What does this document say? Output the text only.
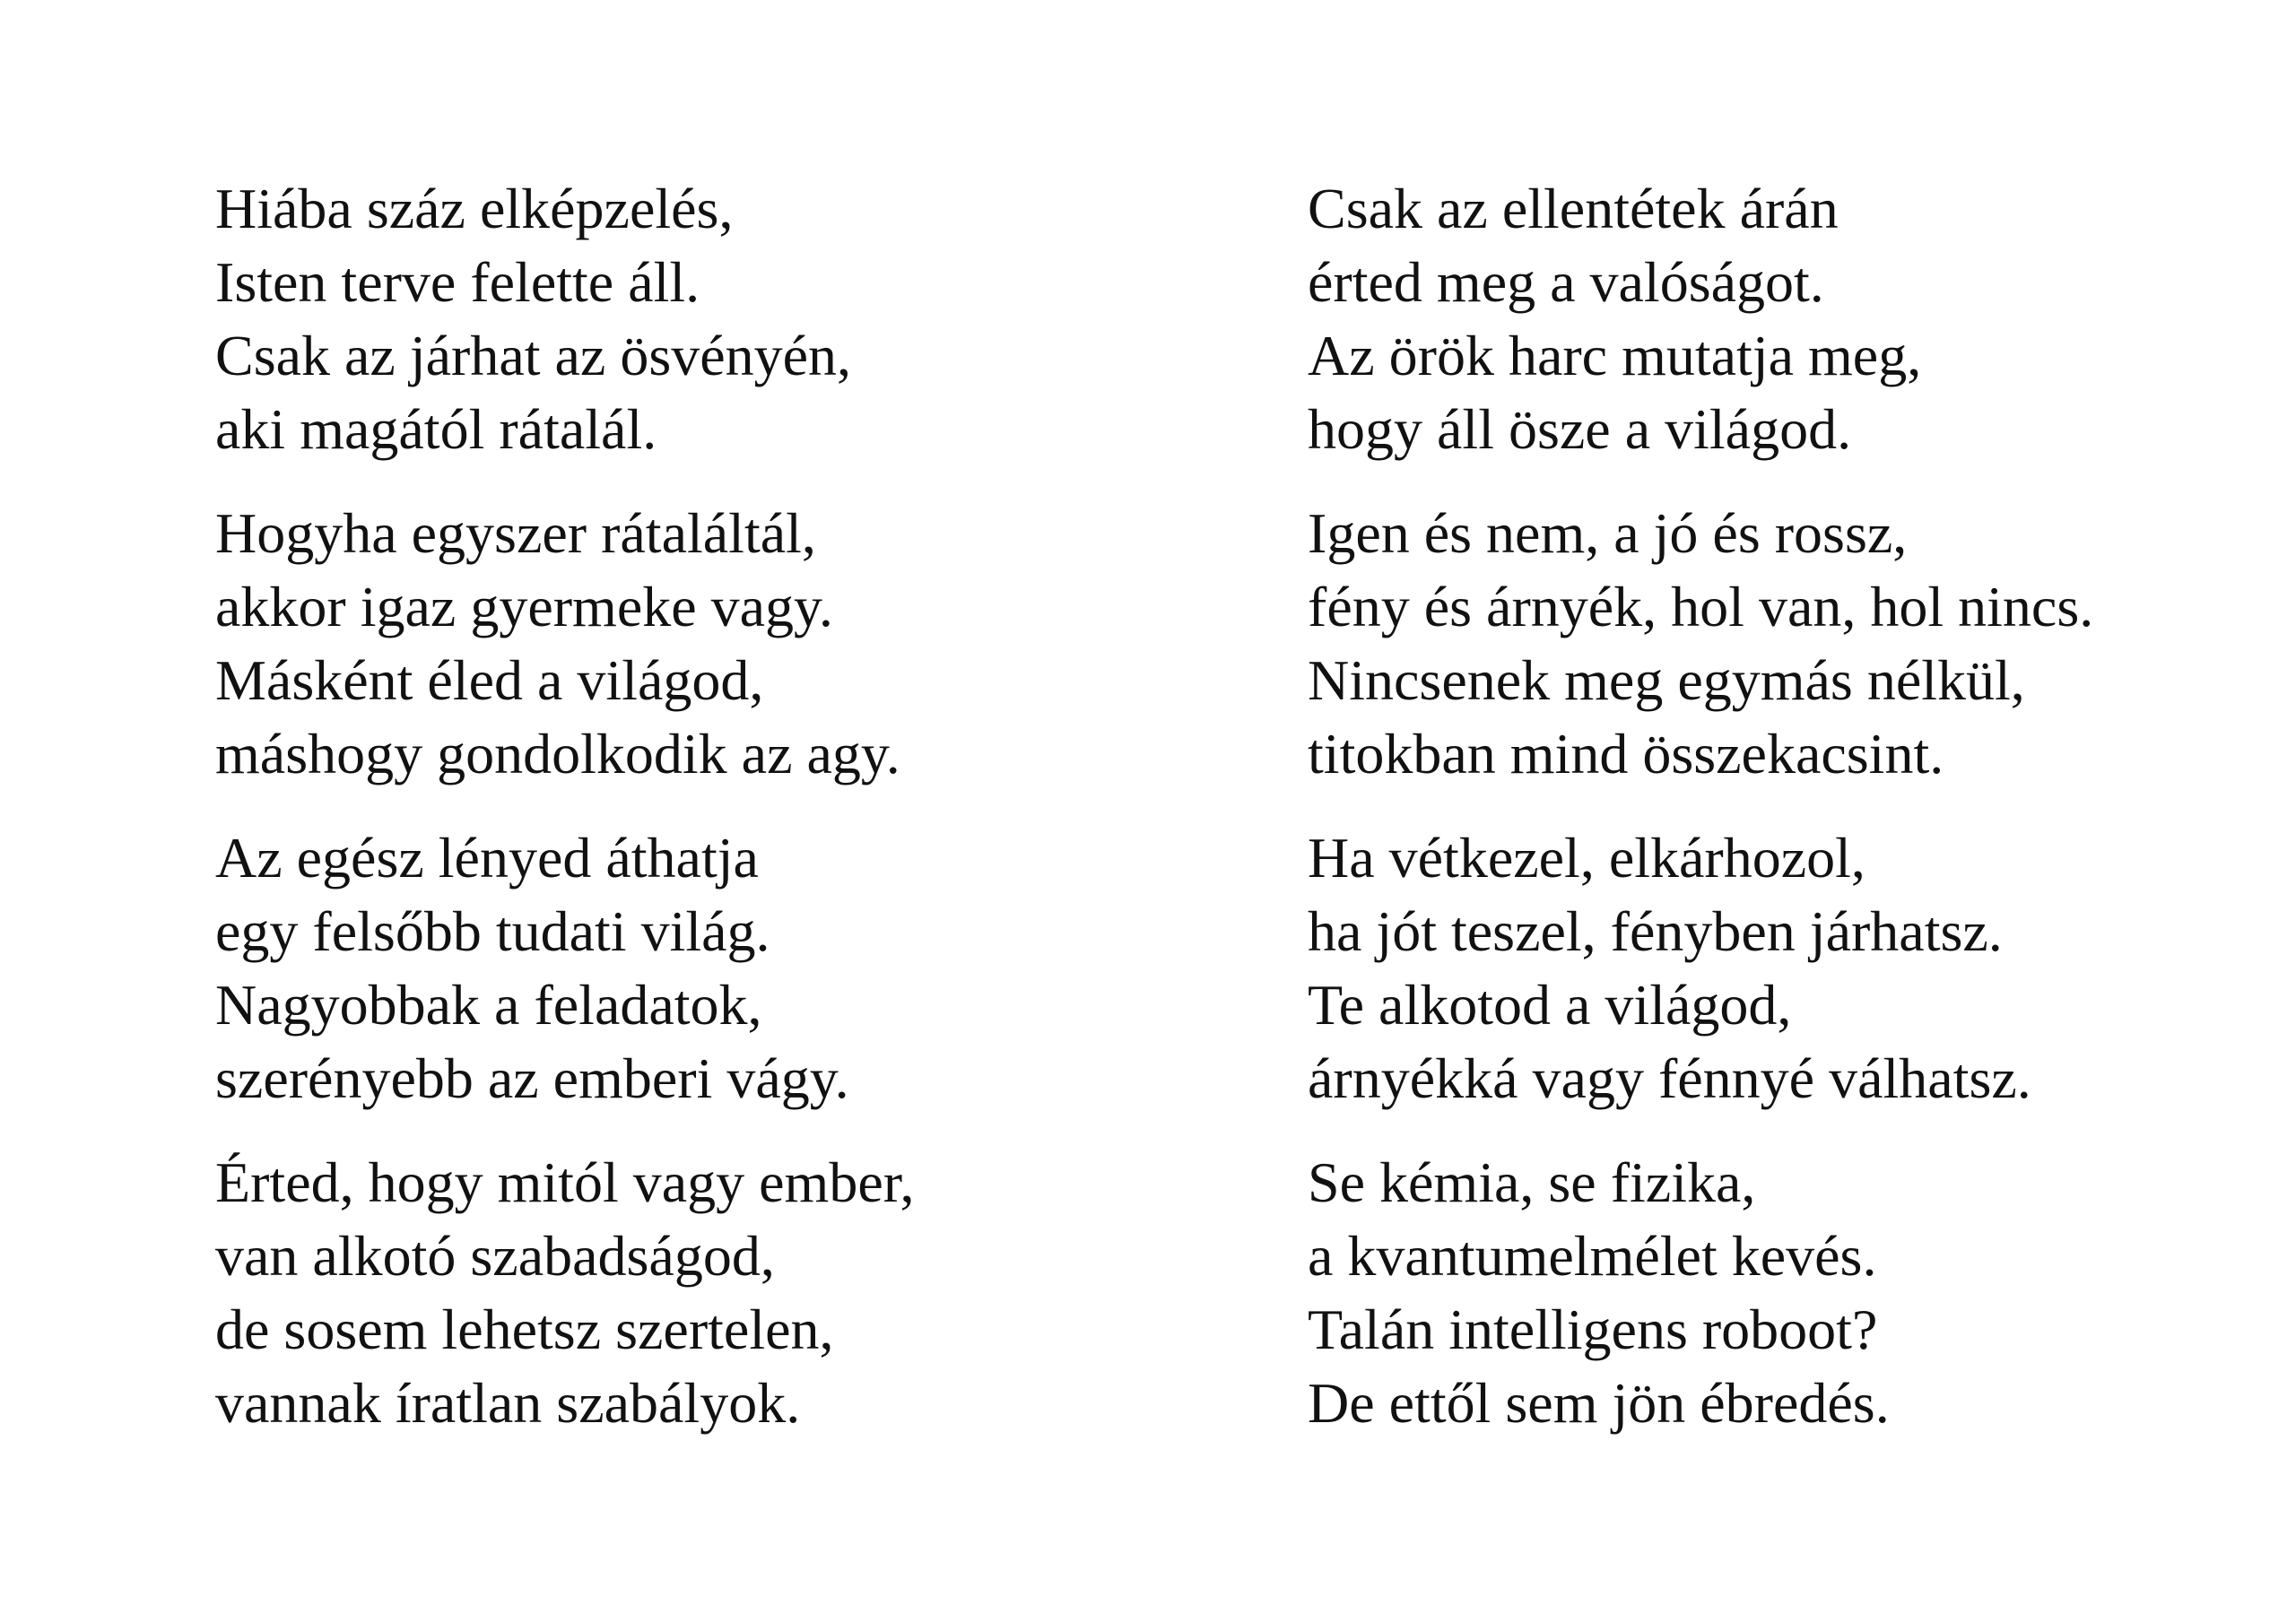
Hiába száz elképzelés,
Isten terve felette áll.
Csak az járhat az ösvényén,
aki magától rátalál.
Hogyha egyszer rátaláltál,
akkor igaz gyermeke vagy.
Másként éled a világod,
máshogy gondolkodik az agy.
Az egész lényed áthatja
egy felsőbb tudati világ.
Nagyobbak a feladatok,
szerényebb az emberi vágy.
Érted, hogy mitól vagy ember,
van alkotó szabadságod,
de sosem lehetsz szertelen,
vannak íratlan szabályok.
Csak az ellentétek árán
érted meg a valóságot.
Az örök harc mutatja meg,
hogy áll ösze a világod.
Igen és nem, a jó és rossz,
fény és árnyék, hol van, hol nincs.
Nincsenek meg egymás nélkül,
titokban mind összekacsint.
Ha vétkezel, elkárhozol,
ha jót teszel, fényben járhatsz.
Te alkotod a világod,
árnyékká vagy fénnyé válhatsz.
Se kémia, se fizika,
a kvantumelmélet kevés.
Talán intelligens roboot?
De ettől sem jön ébredés.
